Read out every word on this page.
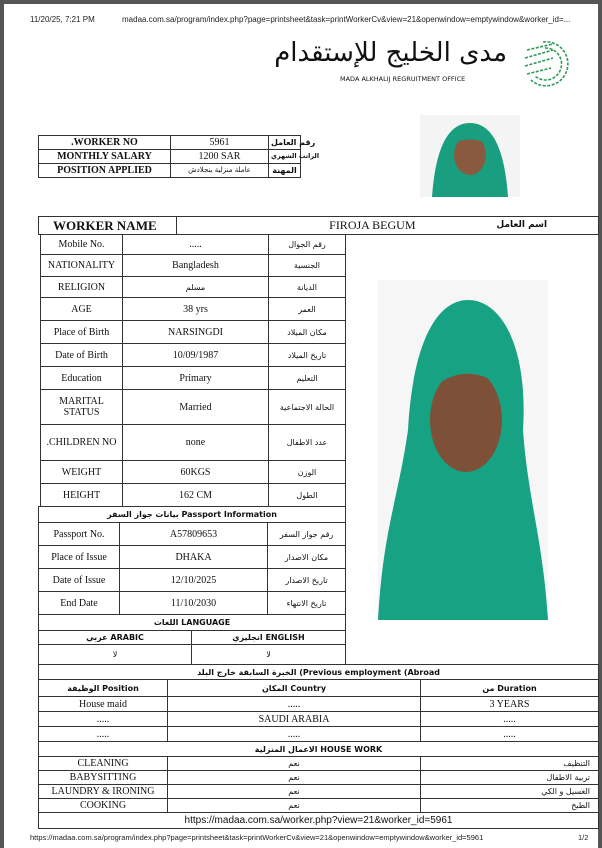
11/20/25, 7:21 PM	madaa.com.sa/program/index.php?page=printsheet&task=printWorkerCv&view=21&openwindow=emptywindow&worker_id=...
مدى الخليج للإستقدام
MADA ALKHALIJ REGRUITMENT OFFICE
.WORKER NO	5961	رقم العامل
MONTHLY SALARY	1200 SAR	الراتب الشهري
POSITION APPLIED	عاملة منزلية بنجلادش	المهنة
WORKER NAME	FIROJA BEGUM	اسم العامل
Mobile No.	.....	رقم الجوال
NATIONALITY	Bangladesh	الجنسية
RELIGION	مسلم	الديانة
AGE	38 yrs	العمر
Place of Birth	NARSINGDI	مكان الميلاد
Date of Birth	10/09/1987	تاريخ الميلاد
Education	Primary	التعليم
MARITAL STATUS	Married	الحالة الاجتماعية
.CHILDREN NO	none	عدد الاطفال
WEIGHT	60KGS	الوزن
HEIGHT	162 CM	الطول
بيانات جواز السفر Passport Information		
Passport No.	A57809653	رقم جواز السفر
Place of Issue	DHAKA	مكان الاصدار
Date of Issue	12/10/2025	تاريخ الاصدار
End Date	11/10/2030	تاريخ الانتهاء
اللغات LANGUAGE	
عربي ARABIC	انجليزي ENGLISH
لا	لا
الخبرة السابقة خارج البلد (Previous employment (Abroad		
الوظيفة Position	المكان Country	من Duration
House maid	.....	3 YEARS
.....	SAUDI ARABIA	.....
.....	.....	.....
الاعمال المنزلية HOUSE WORK		
CLEANING	نعم	التنظيف
BABYSITTING	نعم	تربية الاطفال
LAUNDRY & IRONING	نعم	الغسيل و الكي
COOKING	نعم	الطبخ
https://madaa.com.sa/worker.php?view=21&worker_id=5961		
https://madaa.com.sa/program/index.php?page=printsheet&task=printWorkerCv&view=21&openwindow=emptywindow&worker_id=5961	1/2
